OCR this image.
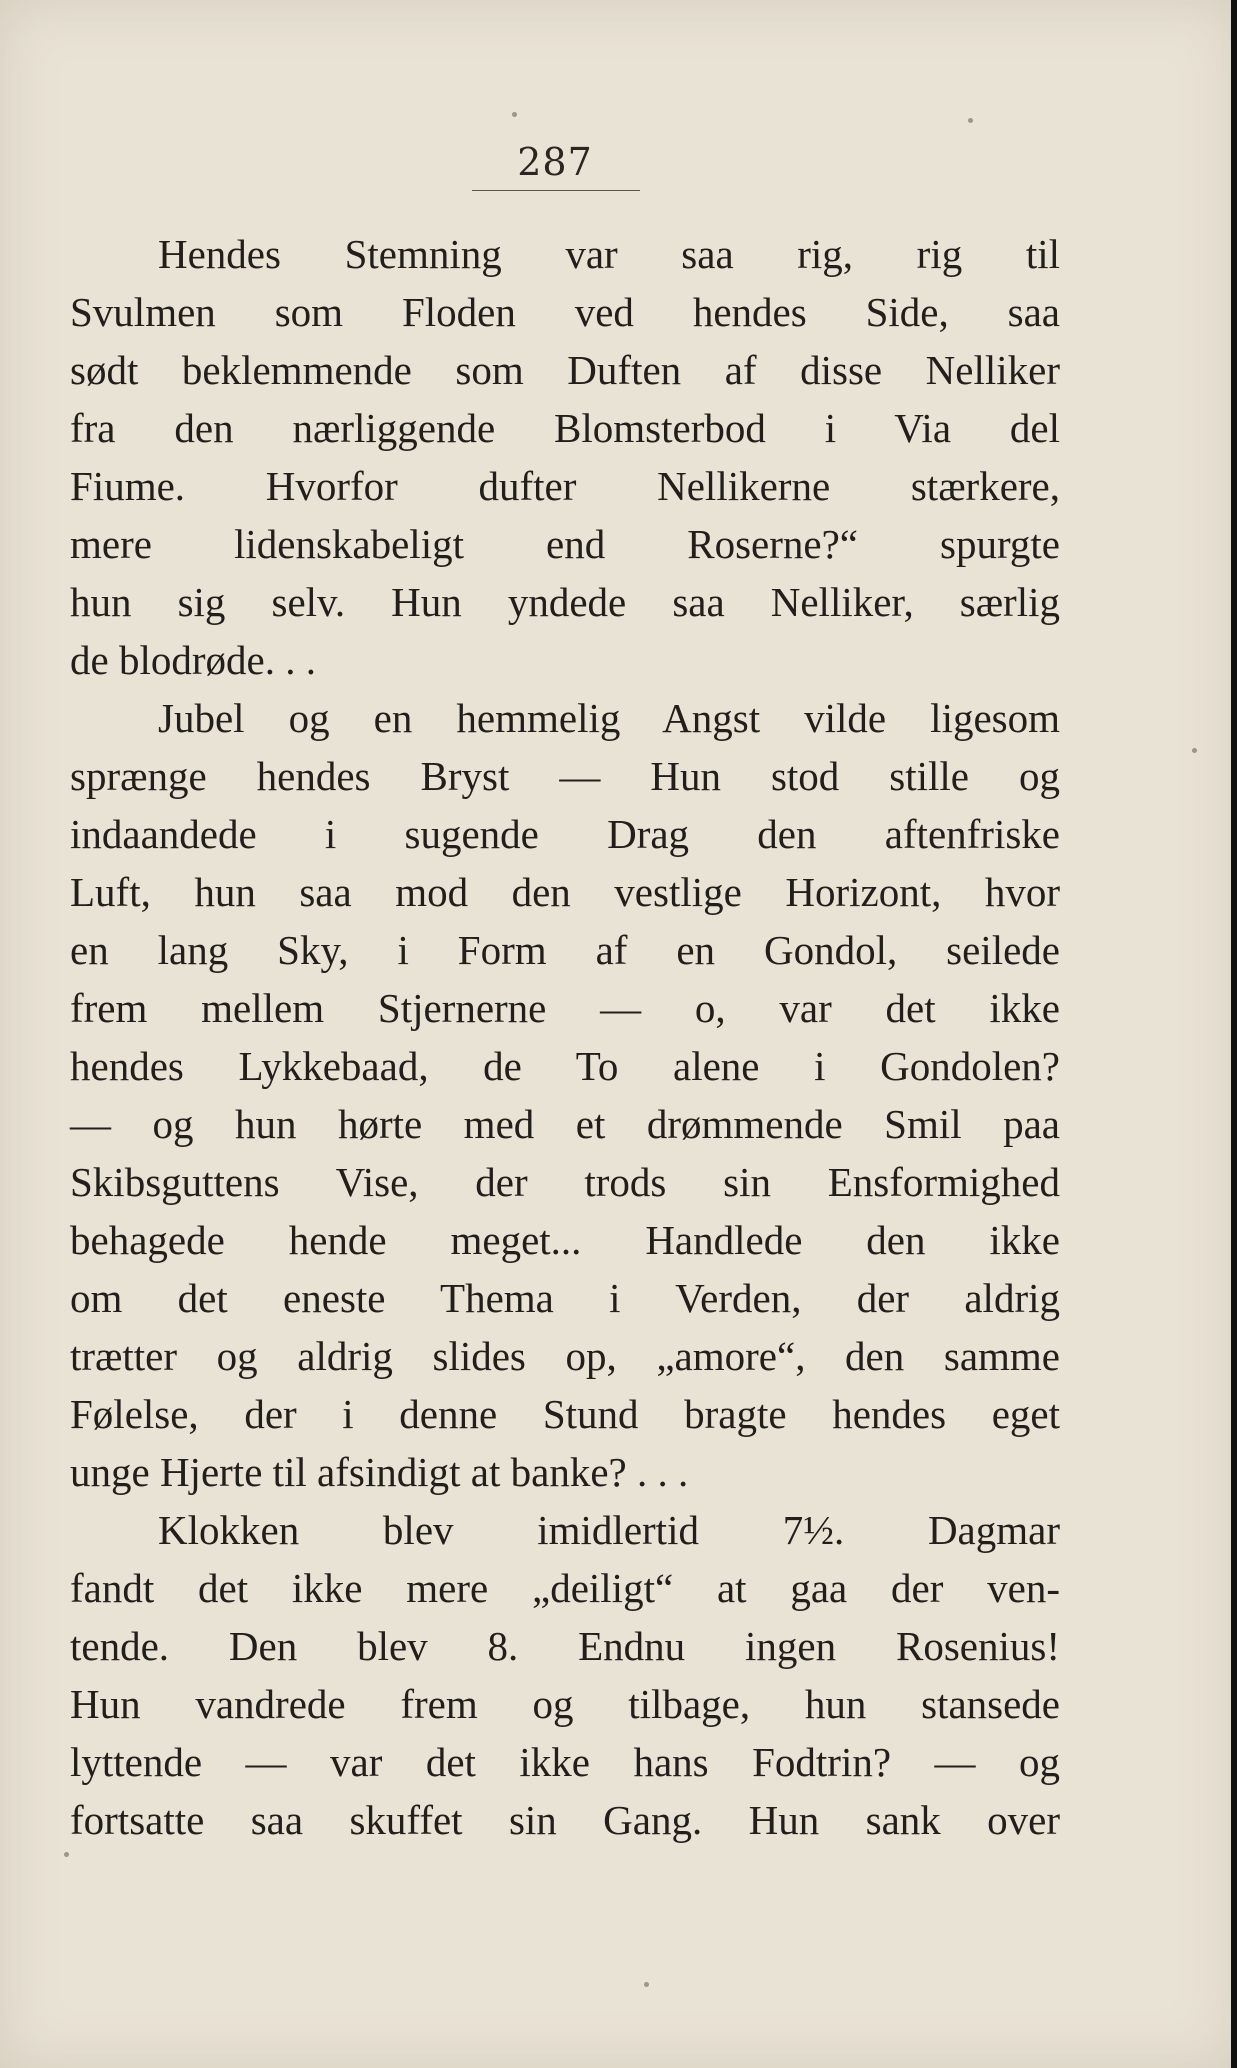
287
Hendes Stemning var saa rig, rig til
Svulmen som Floden ved hendes Side, saa
sødt beklemmende som Duften af disse Nelliker
fra den nærliggende Blomsterbod i Via del
Fiume. Hvorfor dufter Nellikerne stærkere,
mere lidenskabeligt end Roserne?“ spurgte
hun sig selv. Hun yndede saa Nelliker, særlig
de blodrøde. . .
Jubel og en hemmelig Angst vilde ligesom
sprænge hendes Bryst — Hun stod stille og
indaandede i sugende Drag den aftenfriske
Luft, hun saa mod den vestlige Horizont, hvor
en lang Sky, i Form af en Gondol, seilede
frem mellem Stjernerne — o, var det ikke
hendes Lykkebaad, de To alene i Gondolen?
— og hun hørte med et drømmende Smil paa
Skibsguttens Vise, der trods sin Ensformighed
behagede hende meget... Handlede den ikke
om det eneste Thema i Verden, der aldrig
trætter og aldrig slides op, „amore“, den samme
Følelse, der i denne Stund bragte hendes eget
unge Hjerte til afsindigt at banke? . . .
Klokken blev imidlertid 7½. Dagmar
fandt det ikke mere „deiligt“ at gaa der ven-
tende. Den blev 8. Endnu ingen Rosenius!
Hun vandrede frem og tilbage, hun stansede
lyttende — var det ikke hans Fodtrin? — og
fortsatte saa skuffet sin Gang. Hun sank over
